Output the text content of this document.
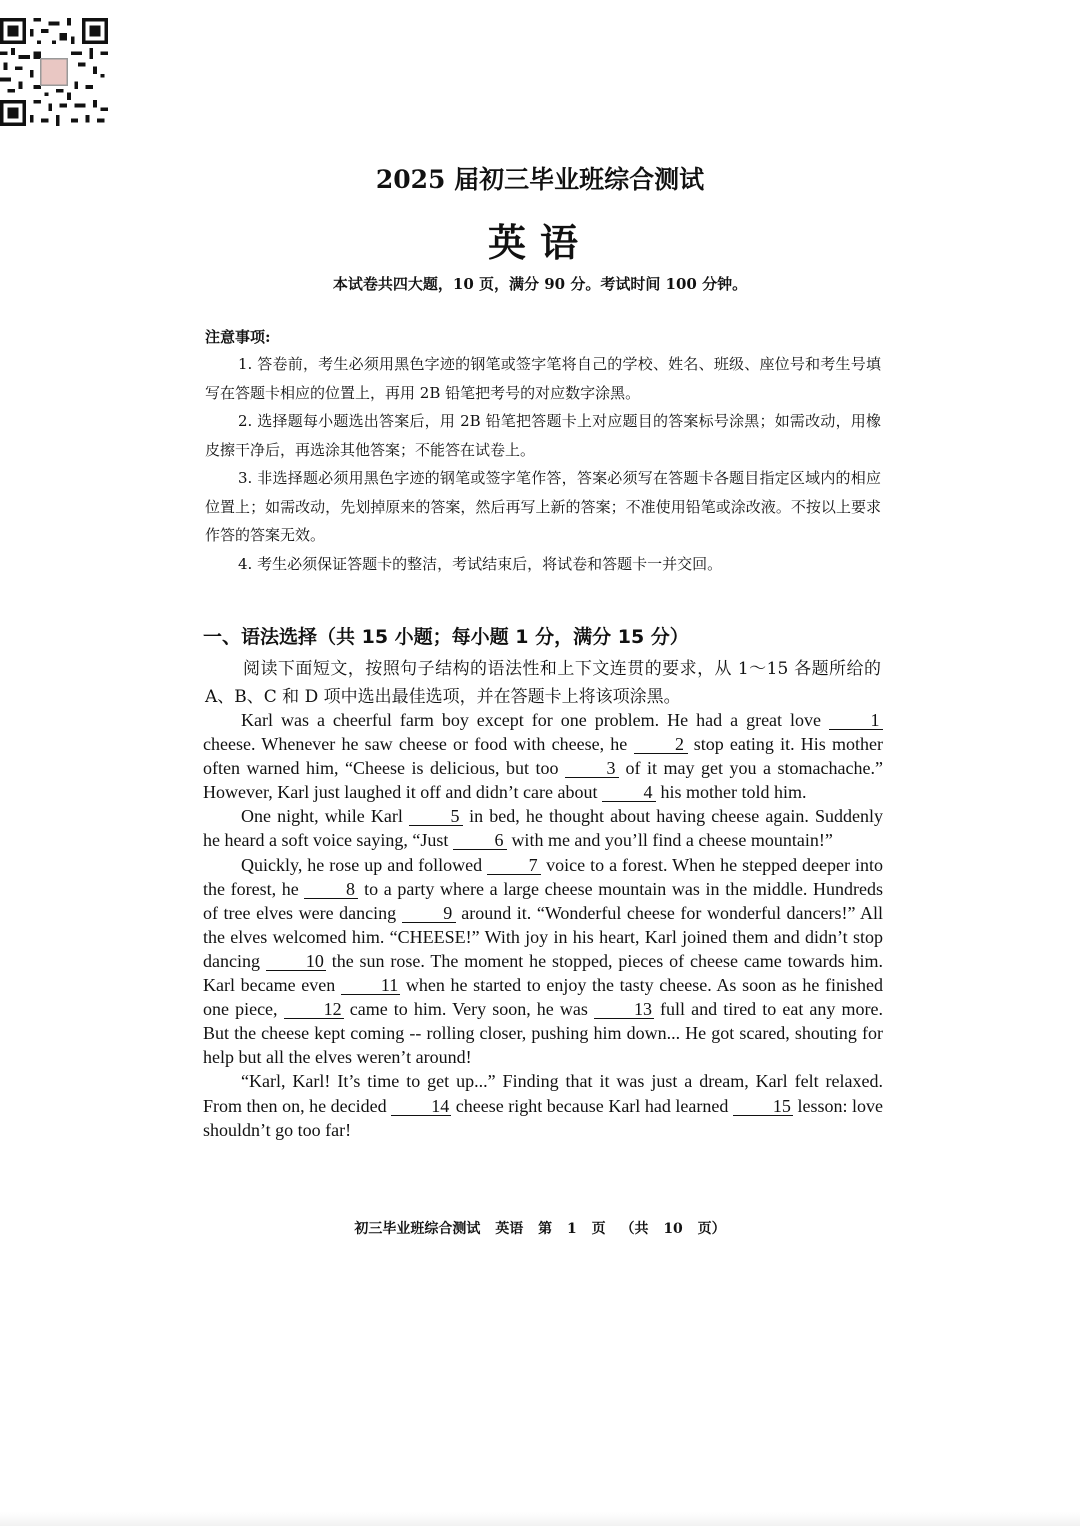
2025 届初三毕业班综合测试
英语
本试卷共四大题，10 页，满分 90 分。考试时间 100 分钟。
注意事项:

1. 答卷前，考生必须用黑色字迹的钢笔或签字笔将自己的学校、姓名、班级、座位号和考生号填写在答题卡相应的位置上，再用 2B 铅笔把考号的对应数字涂黑。

2. 选择题每小题选出答案后，用 2B 铅笔把答题卡上对应题目的答案标号涂黑；如需改动，用橡皮擦干净后，再选涂其他答案；不能答在试卷上。

3. 非选择题必须用黑色字迹的钢笔或签字笔作答，答案必须写在答题卡各题目指定区域内的相应位置上；如需改动，先划掉原来的答案，然后再写上新的答案；不准使用铅笔或涂改液。不按以上要求作答的答案无效。

4. 考生必须保证答题卡的整洁，考试结束后，将试卷和答题卡一并交回。

一、语法选择（共 15 小题；每小题 1 分，满分 15 分）
阅读下面短文，按照句子结构的语法性和上下文连贯的要求，从 1～15 各题所给的 A、B、C 和 D 项中选出最佳选项，并在答题卡上将该项涂黑。

Karl was a cheerful farm boy except for one problem. He had a great love 1 cheese. Whenever he saw cheese or food with cheese, he 2 stop eating it. His mother often warned him, “Cheese is delicious, but too 3 of it may get you a stomachache.” However, Karl just laughed it off and didn’t care about 4 his mother told him.

One night, while Karl 5 in bed, he thought about having cheese again. Suddenly he heard a soft voice saying, “Just 6 with me and you’ll find a cheese mountain!”

Quickly, he rose up and followed 7 voice to a forest. When he stepped deeper into the forest, he 8 to a party where a large cheese mountain was in the middle. Hundreds of tree elves were dancing 9 around it. “Wonderful cheese for wonderful dancers!” All the elves welcomed him. “CHEESE!” With joy in his heart, Karl joined them and didn’t stop dancing 10 the sun rose. The moment he stopped, pieces of cheese came towards him. Karl became even 11 when he started to enjoy the tasty cheese. As soon as he finished one piece, 12 came to him. Very soon, he was 13 full and tired to eat any more. But the cheese kept coming -- rolling closer, pushing him down... He got scared, shouting for help but all the elves weren’t around!

“Karl, Karl! It’s time to get up...” Finding that it was just a dream, Karl felt relaxed. From then on, he decided 14 cheese right because Karl had learned 15 lesson: love shouldn’t go too far!

初三毕业班综合测试 英语 第 1 页 （共 10 页）
